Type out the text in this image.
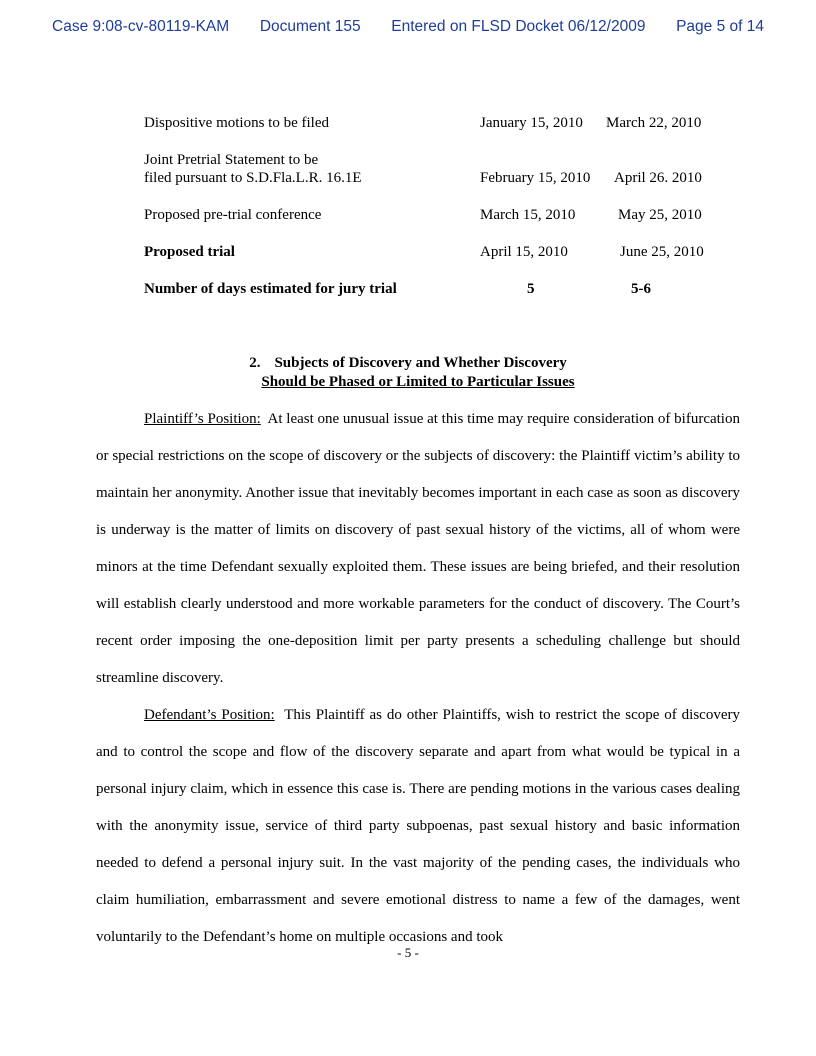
Case 9:08-cv-80119-KAM Document 155 Entered on FLSD Docket 06/12/2009 Page 5 of 14
Dispositive motions to be filed	January 15, 2010 March 22, 2010
Joint Pretrial Statement to be
filed pursuant to S.D.Fla.L.R. 16.1E	February 15, 2010 April 26. 2010
Proposed pre-trial conference	March 15, 2010	May 25, 2010
Proposed trial	April 15, 2010	June 25, 2010
Number of days estimated for jury trial	5	5-6
2. Subjects of Discovery and Whether Discovery
Should be Phased or Limited to Particular Issues

Plaintiff’s Position: At least one unusual issue at this time may require consideration of bifurcation or special restrictions on the scope of discovery or the subjects of discovery: the Plaintiff victim’s ability to maintain her anonymity. Another issue that inevitably becomes important in each case as soon as discovery is underway is the matter of limits on discovery of past sexual history of the victims, all of whom were minors at the time Defendant sexually exploited them. These issues are being briefed, and their resolution will establish clearly understood and more workable parameters for the conduct of discovery. The Court’s recent order imposing the one-deposition limit per party presents a scheduling challenge but should streamline discovery.

Defendant’s Position: This Plaintiff as do other Plaintiffs, wish to restrict the scope of discovery and to control the scope and flow of the discovery separate and apart from what would be typical in a personal injury claim, which in essence this case is. There are pending motions in the various cases dealing with the anonymity issue, service of third party subpoenas, past sexual history and basic information needed to defend a personal injury suit. In the vast majority of the pending cases, the individuals who claim humiliation, embarrassment and severe emotional distress to name a few of the damages, went voluntarily to the Defendant’s home on multiple occasions and took

- 5 -
